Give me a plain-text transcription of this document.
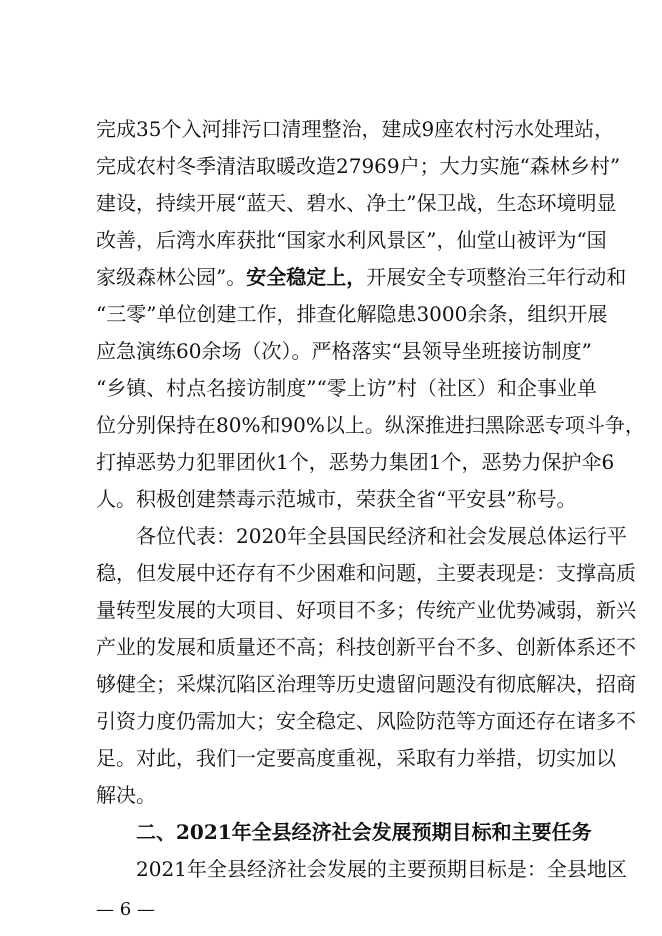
完成35个入河排污口清理整治，建成9座农村污水处理站，
完成农村冬季清洁取暖改造27969户；大力实施“森林乡村”
建设，持续开展“蓝天、碧水、净土”保卫战，生态环境明显
改善，后湾水库获批“国家水利风景区”，仙堂山被评为“国
家级森林公园”。安全稳定上，开展安全专项整治三年行动和
“三零”单位创建工作，排查化解隐患3000余条，组织开展
应急演练60余场（次）。严格落实“县领导坐班接访制度”
“乡镇、村点名接访制度”“零上访”村（社区）和企事业单
位分别保持在80%和90%以上。纵深推进扫黑除恶专项斗争，
打掉恶势力犯罪团伙1个，恶势力集团1个，恶势力保护伞6
人。积极创建禁毒示范城市，荣获全省“平安县”称号。
各位代表：2020年全县国民经济和社会发展总体运行平
稳，但发展中还存有不少困难和问题，主要表现是：支撑高质
量转型发展的大项目、好项目不多；传统产业优势减弱，新兴
产业的发展和质量还不高；科技创新平台不多、创新体系还不
够健全；采煤沉陷区治理等历史遗留问题没有彻底解决，招商
引资力度仍需加大；安全稳定、风险防范等方面还存在诸多不
足。对此，我们一定要高度重视，采取有力举措，切实加以
解决。
二、2021年全县经济社会发展预期目标和主要任务
2021年全县经济社会发展的主要预期目标是：全县地区
— 6 —
